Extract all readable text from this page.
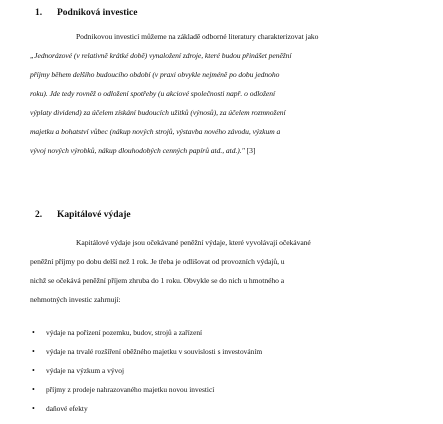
1. Podniková investice
Podnikovou investicí můžeme na základě odborné literatury charakterizovat jako
„Jednorázové (v relativně krátké době) vynaložení zdroje, které budou přinášet peněžní
příjmy během delšího budoucího období (v praxi obvykle nejméně po dobu jednoho
roku). Jde tedy rovněž o odložení spotřeby (u akciové společnosti např. o odložení
výplaty dividend) za účelem získání budoucích užitků (výnosů), za účelem rozmnožení
majetku a bohatství vůbec (nákup nových strojů, výstavba nového závodu, výzkum a
vývoj nových výrobků, nákup dlouhodobých cenných papírů atd., atd.)." [3]
2. Kapitálové výdaje
Kapitálové výdaje jsou očekávané peněžní výdaje, které vyvolávají očekávané
peněžní příjmy po dobu delší než 1 rok. Je třeba je odlišovat od provozních výdajů, u
nichž se očekává peněžní příjem zhruba do 1 roku. Obvykle se do nich u hmotného a
nehmotných investic zahrnují:
• výdaje na pořízení pozemku, budov, strojů a zařízení
• výdaje na trvalé rozšíření oběžného majetku v souvislosti s investováním
• výdaje na výzkum a vývoj
• příjmy z prodeje nahrazovaného majetku novou investicí
• daňové efekty
